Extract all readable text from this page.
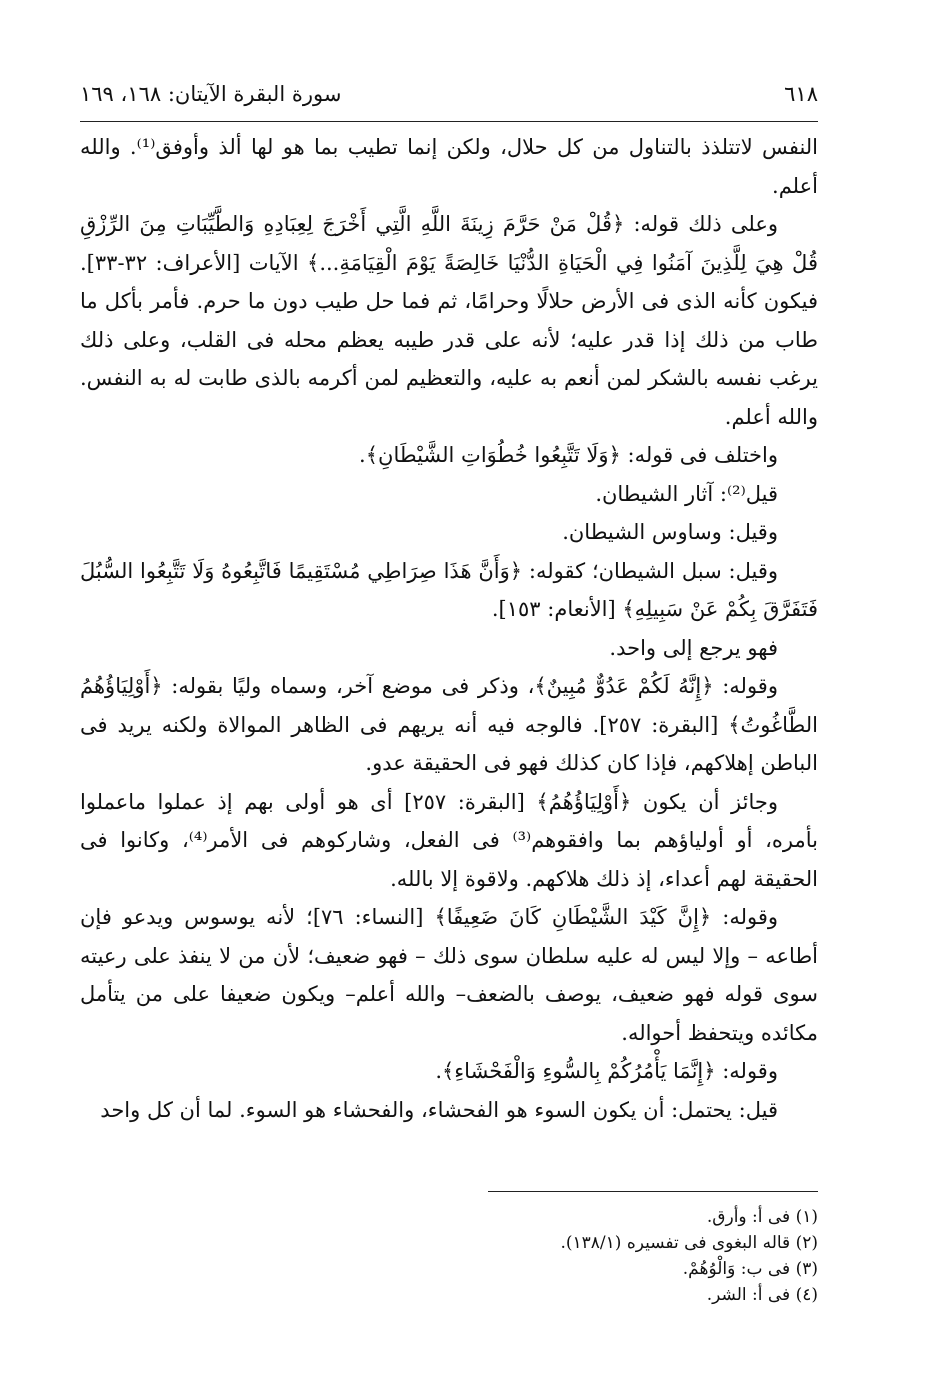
٦١٨
سورة البقرة الآيتان: ١٦٨، ١٦٩

النفس لاتتلذذ بالتناول من كل حلال، ولكن إنما تطيب بما هو لها ألذ وأوفق⁽¹⁾. والله أعلم.

وعلى ذلك قوله: ﴿قُلْ مَنْ حَرَّمَ زِينَةَ اللَّهِ الَّتِي أَخْرَجَ لِعِبَادِهِ وَالطَّيِّبَاتِ مِنَ الرِّزْقِ قُلْ هِيَ لِلَّذِينَ آمَنُوا فِي الْحَيَاةِ الدُّنْيَا خَالِصَةً يَوْمَ الْقِيَامَةِ...﴾ الآيات [الأعراف: ٣٢-٣٣]. فيكون كأنه الذى فى الأرض حلالًا وحرامًا، ثم فما حل طيب دون ما حرم. فأمر بأكل ما طاب من ذلك إذا قدر عليه؛ لأنه على قدر طيبه يعظم محله فى القلب، وعلى ذلك يرغب نفسه بالشكر لمن أنعم به عليه، والتعظيم لمن أكرمه بالذى طابت له به النفس. والله أعلم.

واختلف فى قوله: ﴿وَلَا تَتَّبِعُوا خُطُوَاتِ الشَّيْطَانِ﴾.

قيل⁽²⁾: آثار الشيطان.

وقيل: وساوس الشيطان.

وقيل: سبل الشيطان؛ كقوله: ﴿وَأَنَّ هَذَا صِرَاطِي مُسْتَقِيمًا فَاتَّبِعُوهُ وَلَا تَتَّبِعُوا السُّبُلَ فَتَفَرَّقَ بِكُمْ عَنْ سَبِيلِهِ﴾ [الأنعام: ١٥٣].

فهو يرجع إلى واحد.

وقوله: ﴿إِنَّهُ لَكُمْ عَدُوٌّ مُبِينٌ﴾، وذكر فى موضع آخر، وسماه وليًا بقوله: ﴿أَوْلِيَاؤُهُمُ الطَّاغُوتُ﴾ [البقرة: ٢٥٧]. فالوجه فيه أنه يريهم فى الظاهر الموالاة ولكنه يريد فى الباطن إهلاكهم، فإذا كان كذلك فهو فى الحقيقة عدو.

وجائز أن يكون ﴿أَوْلِيَاؤُهُمُ﴾ [البقرة: ٢٥٧] أى هو أولى بهم إذ عملوا ماعملوا بأمره، أو أولياؤهم بما وافقوهم⁽³⁾ فى الفعل، وشاركوهم فى الأمر⁽⁴⁾، وكانوا فى الحقيقة لهم أعداء، إذ ذلك هلاكهم. ولاقوة إلا بالله.

وقوله: ﴿إِنَّ كَيْدَ الشَّيْطَانِ كَانَ ضَعِيفًا﴾ [النساء: ٧٦]؛ لأنه يوسوس ويدعو فإن أطاعه – وإلا ليس له عليه سلطان سوى ذلك – فهو ضعيف؛ لأن من لا ينفذ على رعيته سوى قوله فهو ضعيف، يوصف بالضعف– والله أعلم– ويكون ضعيفا على من يتأمل مكائده ويتحفظ أحواله.

وقوله: ﴿إِنَّمَا يَأْمُرُكُمْ بِالسُّوءِ وَالْفَحْشَاءِ﴾.

قيل: يحتمل: أن يكون السوء هو الفحشاء، والفحشاء هو السوء. لما أن كل واحد

(١) فى أ: وأرق.
(٢) قاله البغوى فى تفسيره (١٣٨/١).
(٣) فى ب: وَالْوُهُمْ.
(٤) فى أ: الشر.
